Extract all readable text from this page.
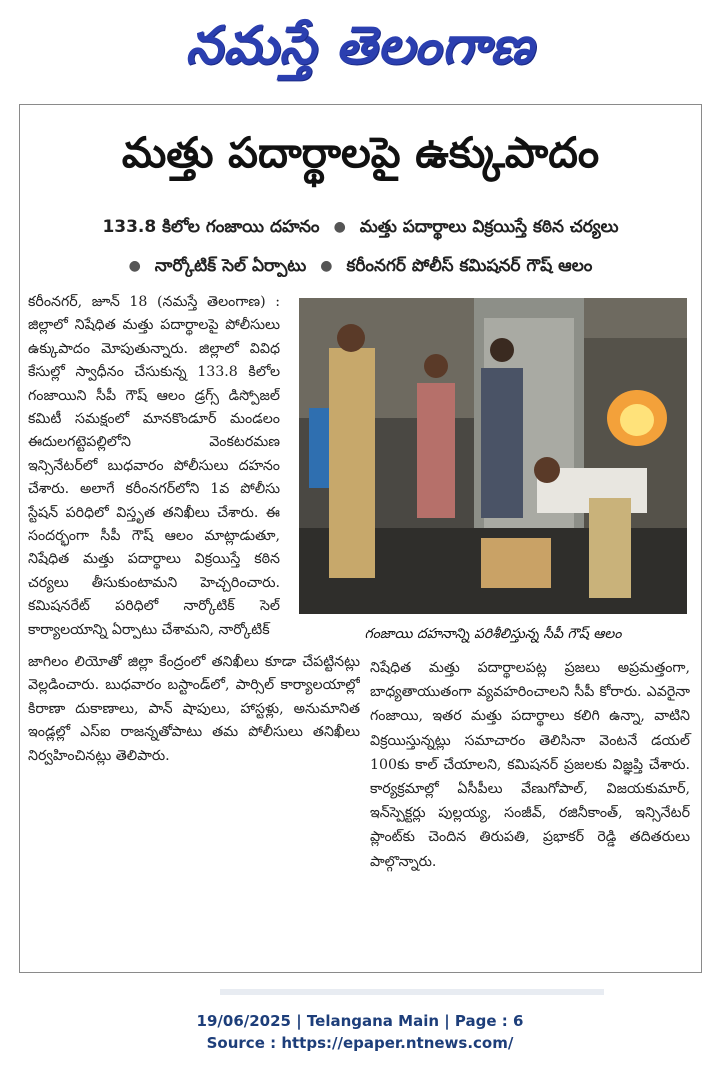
నమస్తే తెలంగాణ
మత్తు పదార్థాలపై ఉక్కుపాదం
133.8 కిలోల గంజాయి దహనం ● మత్తు పదార్థాలు విక్రయిస్తే కఠిన చర్యలు
● నార్కోటిక్ సెల్ ఏర్పాటు ● కరీంనగర్ పోలీస్ కమిషనర్ గౌష్ ఆలం
గంజాయి దహనాన్ని పరిశీలిస్తున్న సీపీ గౌష్ ఆలం
కరీంనగర్, జూన్ 18 (నమస్తే తెలంగాణ) : జిల్లాలో నిషేధిత మత్తు పదార్థాలపై పోలీసులు ఉక్కుపాదం మోపుతున్నారు. జిల్లాలో వివిధ కేసుల్లో స్వాధీనం చేసుకున్న 133.8 కిలోల గంజాయిని సీపీ గౌష్ ఆలం డ్రగ్స్ డిస్పోజల్ కమిటీ సమక్షంలో మానకొండూర్ మండలం ఈదులగట్టెపల్లిలోని వెంకటరమణ ఇన్సినేటర్‌లో బుధవారం పోలీసులు దహనం చేశారు. అలాగే కరీంనగర్‌లోని 1వ పోలీసు స్టేషన్ పరిధిలో విస్తృత తనిఖీలు చేశారు. ఈ సందర్భంగా సీపీ గౌష్ ఆలం మాట్లాడుతూ, నిషేధిత మత్తు పదార్థాలు విక్రయిస్తే కఠిన చర్యలు తీసుకుంటామని హెచ్చరించారు. కమిషనరేట్ పరిధిలో నార్కోటిక్ సెల్ కార్యాలయాన్ని ఏర్పాటు చేశామని, నార్కోటిక్
జాగిలం లియోతో జిల్లా కేంద్రంలో తనిఖీలు కూడా చేపట్టినట్లు వెల్లడించారు. బుధవారం బస్టాండ్‌లో, పార్సిల్ కార్యాలయాల్లో కిరాణా దుకాణాలు, పాన్ షాపులు, హాస్టళ్లు, అనుమానిత ఇండ్లల్లో ఎస్ఐ రాజన్నతోపాటు తమ పోలీసులు తనిఖీలు నిర్వహించినట్లు తెలిపారు.
నిషేధిత మత్తు పదార్థాలపట్ల ప్రజలు అప్రమత్తంగా, బాధ్యతాయుతంగా వ్యవహరించాలని సీపీ కోరారు. ఎవరైనా గంజాయి, ఇతర మత్తు పదార్థాలు కలిగి ఉన్నా, వాటిని విక్రయిస్తున్నట్లు సమాచారం తెలిసినా వెంటనే డయల్ 100కు కాల్ చేయాలని, కమిషనర్ ప్రజలకు విజ్ఞప్తి చేశారు. కార్యక్రమాల్లో ఏసీపీలు వేణుగోపాల్, విజయకుమార్, ఇన్‌స్పెక్టర్లు పుల్లయ్య, సంజీవ్, రజినీకాంత్, ఇన్సినేటర్ ప్లాంట్‌కు చెందిన తిరుపతి, ప్రభాకర్ రెడ్డి తదితరులు పాల్గొన్నారు.
19/06/2025 | Telangana Main | Page : 6
Source : https://epaper.ntnews.com/
